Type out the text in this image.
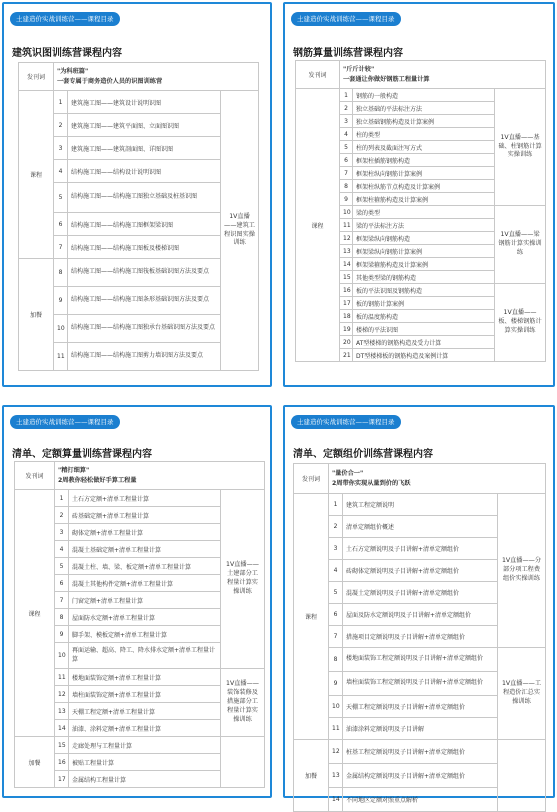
土建造价实战训练营——课程目录
建筑识图训练营课程内容
发刊词	"为科班篇"
一套专属于商务造价人员的识图训练营		

课程	1	建筑施工图——建筑设计说明识图	1V直播——建筑工程识图实操训练
	2	建筑施工图——建筑平面图、立面图识图	
	3	建筑施工图——建筑剖面图、详图识图	
	4	结构施工图——结构设计说明识图	
	5	结构施工图——结构施工图独立基础及桩基识图	
	6	结构施工图——结构施工图框架梁识图	
	7	结构施工图——结构施工图板及楼梯识图	
加餐	8	结构施工图——结构施工图筏板基础识图方法及要点	
	9	结构施工图——结构施工图条形基础识图方法及要点	
	10	结构施工图——结构施工图独承台基础识图方法及要点	
	11	结构施工图——结构施工图剪力墙识图方法及要点	
土建造价实战训练营——课程目录
钢筋算量训练营课程内容
发刊词	"斤斤计较"
一套通让你做好钢筋工程量计算		

课程	1	钢筋的一般构造	1V直播——基础、柱钢筋计算实操训练
	2	独立基础的平法标注方法	
	3	独立基础钢筋构造及计算案例	
	4	柱的类型	
	5	柱的列表及截面注写方式	
	6	框架柱插筋钢筋构造	
	7	框架柱纵向钢筋计算案例	
	8	框架柱纵筋节点构造及计算案例	
	9	框架柱箍筋构造及计算案例	
	10	梁的类型	1V直播——梁钢筋计算实操训练
	11	梁的平法标注方法	
	12	框架梁纵向钢筋构造	
	13	框架梁纵向钢筋计算案例	
	14	框架梁箍筋构造及计算案例	
	15	其他类型梁的钢筋构造	
	16	板的平法识图及钢筋构造	1V直播——板、楼梯钢筋计算实操训练
	17	板的钢筋计算案例	
	18	板的温度筋构造	
	19	楼梯的平法识图	
	20	AT型楼梯的钢筋构造及受力计算	
	21	DT型楼梯板的钢筋构造及案例计算	
土建造价实战训练营——课程目录
清单、定额算量训练营课程内容
发刊词	"精打细算"
2周教你轻松做好手算工程量		

课程	1	土石方定额+清单工程量计算	1V直播——土建部分工程量计算实操训练
	2	砖基础定额+清单工程量计算	
	3	砌体定额+清单工程量计算	
	4	混凝土基础定额+清单工程量计算	
	5	混凝土柱、墙、梁、板定额+清单工程量计算	
	6	混凝土其他构件定额+清单工程量计算	
	7	门窗定额+清单工程量计算	
	8	屋面防水定额+清单工程量计算	
	9	脚手架、模板定额+清单工程量计算	
	10	再面运输、超高、降工、降水排水定额+清单工程量计算	
	11	楼地面装饰定额+清单工程量计算	1V直播——装饰装修及措施部分工程量计算实操训练
	12	墙柱面装饰定额+清单工程量计算	
	13	天棚工程定额+清单工程量计算	
	14	油漆、涂料定额+清单工程量计算	
加餐	15	走廊处理与工程量计算	
	16	被贴工程量计算	
	17	金属结构工程量计算	
土建造价实战训练营——课程目录
清单、定额组价训练营课程内容
发刊词	"量价合一"
2周带你实现从量到价的飞跃		

课程	1	建筑工程定额说明	1V直播——分部分项工程费组价实操训练
	2	清单定额组价概述	
	3	土石方定额说明及子目讲解+清单定额组价	
	4	砖砌体定额说明及子目讲解+清单定额组价	
	5	混凝土定额说明及子目讲解+清单定额组价	
	6	屋面及防水定额说明及子目讲解+清单定额组价	
	7	措施项目定额说明及子目讲解+清单定额组价	
	8	楼地面装饰工程定额说明及子目讲解+清单定额组价	1V直播——工程造价汇总实操训练
	9	墙柱面装饰工程定额说明及子目讲解+清单定额组价	
	10	天棚工程定额说明及子目讲解+清单定额组价	
	11	油漆涂料定额说明及子目讲解	
加餐	12	桩基工程定额说明及子目讲解+清单定额组价	
	13	金属结构定额说明及子目讲解+清单定额组价	
	14	不同地区定额对照重点解析	
